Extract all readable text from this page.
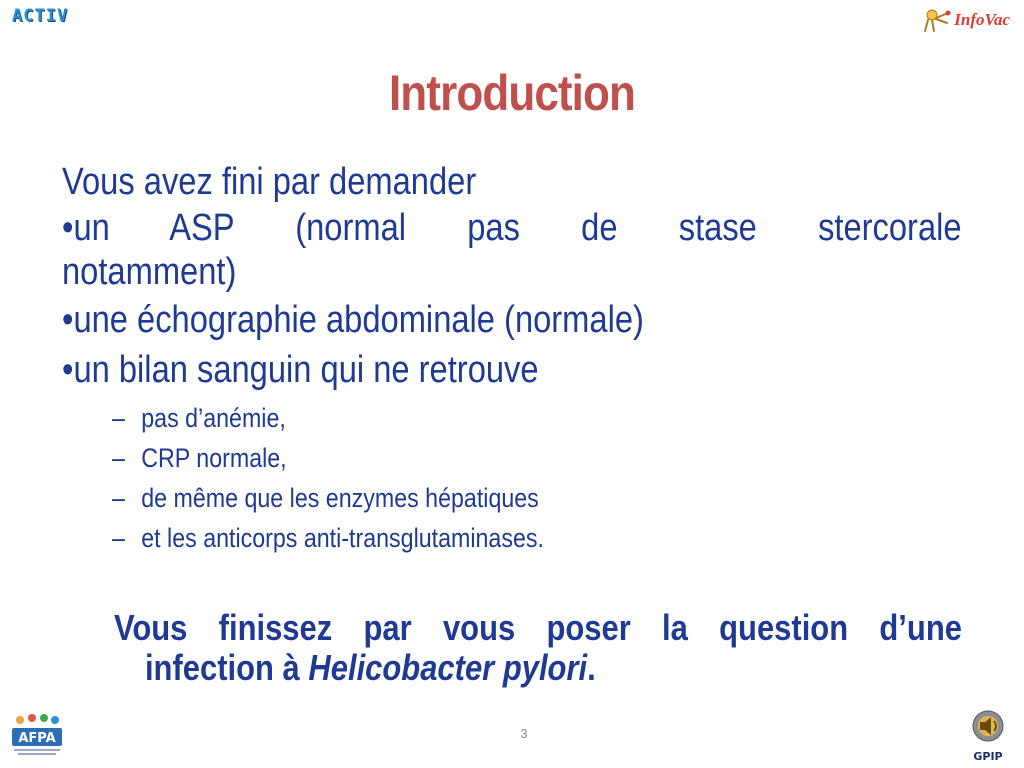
ACTIV	InfoVac
Introduction
Vous avez fini par demander
•un ASP (normal pas de stase stercorale
notamment)
•une échographie abdominale (normale)
•un bilan sanguin qui ne retrouve
– pas d’anémie,
– CRP normale,
– de même que les enzymes hépatiques
– et les anticorps anti-transglutaminases.
Vous finissez par vous poser la question d’une
infection à Helicobacter pylori.
AFPA	3
GPIP
